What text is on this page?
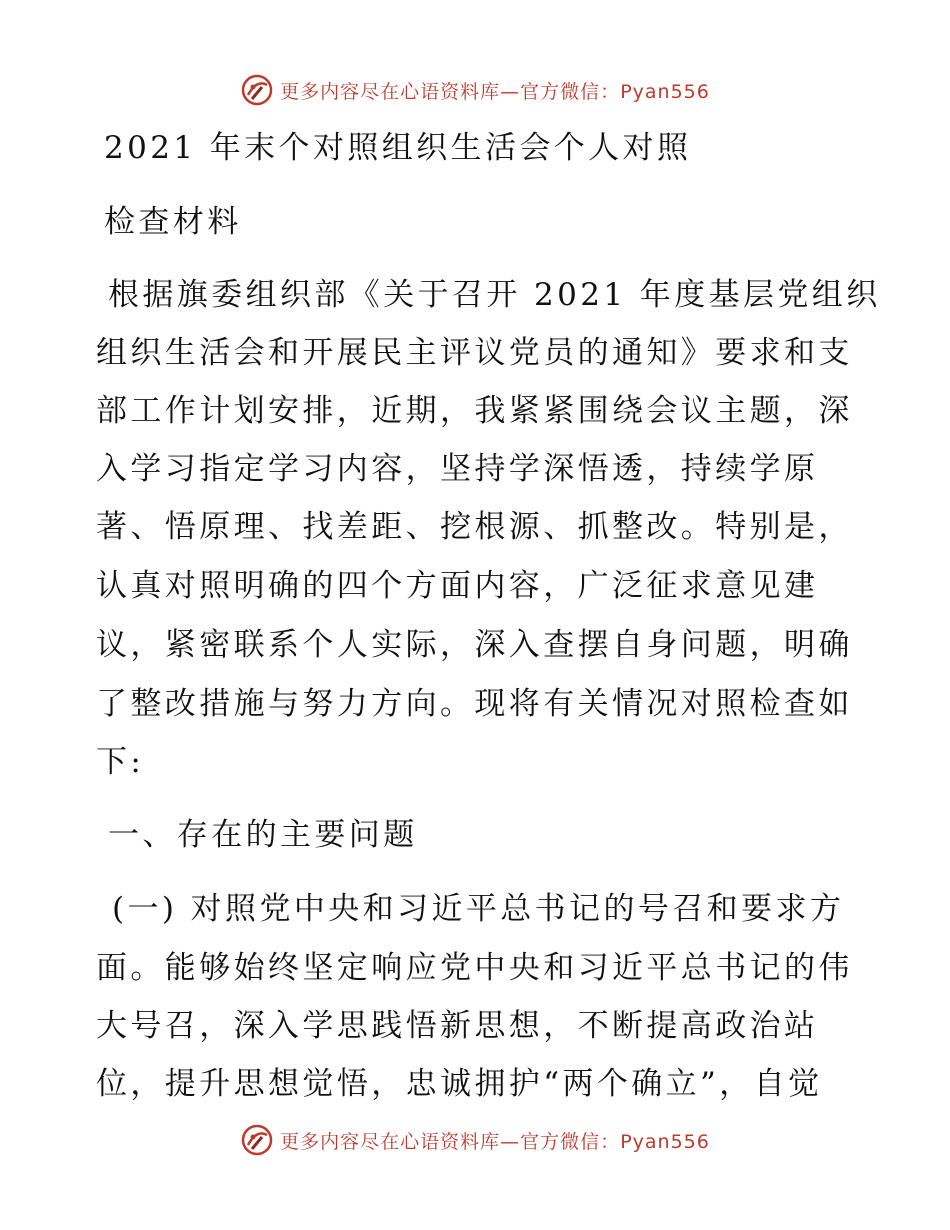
更多内容尽在心语资料库—官方微信：Pyan556
2021 年末个对照组织生活会个人对照
检查材料
根据旗委组织部《关于召开 2021 年度基层党组织
组织生活会和开展民主评议党员的通知》要求和支
部工作计划安排，近期，我紧紧围绕会议主题，深
入学习指定学习内容，坚持学深悟透，持续学原
著、悟原理、找差距、挖根源、抓整改。特别是，
认真对照明确的四个方面内容，广泛征求意见建
议，紧密联系个人实际，深入查摆自身问题，明确
了整改措施与努力方向。现将有关情况对照检查如
下:
一、存在的主要问题
(一) 对照党中央和习近平总书记的号召和要求方
面。能够始终坚定响应党中央和习近平总书记的伟
大号召，深入学思践悟新思想，不断提高政治站
位，提升思想觉悟，忠诚拥护“两个确立”，自觉
更多内容尽在心语资料库—官方微信：Pyan556
